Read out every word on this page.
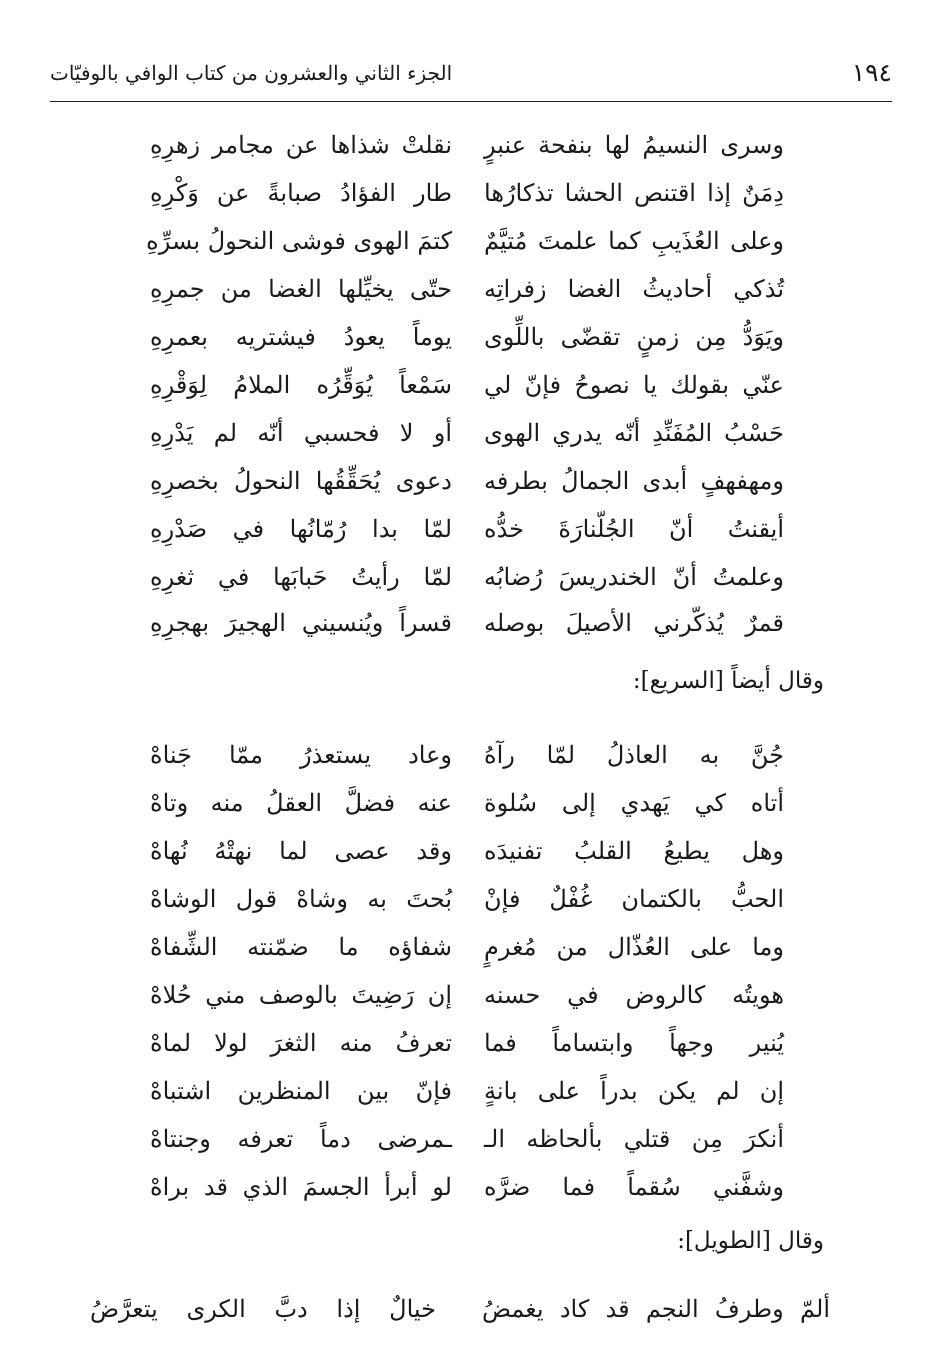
١٩٤
الجزء الثاني والعشرون من كتاب الوافي بالوفيّات
وسرى النسيمُ لها بنفحة عنبرٍ
نقلتْ شذاها عن مجامر زهرِهِ
دِمَنٌ إذا اقتنص الحشا تذكارُها
طار الفؤادُ صبابةً عن وَكْرِهِ
وعلى العُذَيبِ كما علمتَ مُتيَّمٌ
كتمَ الهوى فوشى النحولُ بسرِّهِ
تُذكي أحاديثُ الغضا زفراتِه
حتّى يخيِّلها الغضا من جمرِهِ
ويَوَدُّ مِن زمنٍ تقضّى باللِّوى
يوماً يعودُ فيشتريه بعمرِهِ
عنّي بقولك يا نصوحُ فإنّ لي
سَمْعاً يُوَقِّرُه الملامُ لِوَقْرِهِ
حَسْبُ المُفَنِّدِ أنّه يدري الهوى
أو لا فحسبي أنّه لم يَدْرِهِ
ومهفهفٍ أبدى الجمالُ بطرفه
دعوى يُحَقِّقُها النحولُ بخصرِهِ
أيقنتُ أنّ الجُلّنارَةَ خدُّه
لمّا بدا رُمّانُها في صَدْرِهِ
وعلمتُ أنّ الخندريسَ رُضابُه
لمّا رأيتُ حَبابَها في ثغرِهِ
قمرٌ يُذكّرني الأصيلَ بوصله
قسراً ويُنسيني الهجيرَ بهجرِهِ
وقال أيضاً [السريع]:
جُنَّ به العاذلُ لمّا رآهُ
وعاد يستعذرُ ممّا جَناهْ
أتاه كي يَهدي إلى سُلوة
عنه فضلَّ العقلُ منه وتاهْ
وهل يطيعُ القلبُ تفنيدَه
وقد عصى لما نهتْهُ نُهاهْ
الحبُّ بالكتمان غُفْلٌ فإنْ
بُحتَ به وشاهْ قول الوشاهْ
وما على العُذّال من مُغرمٍ
شفاؤه ما ضمّنته الشِّفاهْ
هويتُه كالروض في حسنه
إن رَضِيتَ بالوصف مني حُلاهْ
يُنير وجهاً وابتساماً فما
تعرفُ منه الثغرَ لولا لماهْ
إن لم يكن بدراً على بانةٍ
فإنّ بين المنظرين اشتباهْ
أنكرَ مِن قتلي بألحاظه الـ
ـمرضى دماً تعرفه وجنتاهْ
وشفَّني سُقماً فما ضرَّه
لو أبرأ الجسمَ الذي قد براهْ
وقال [الطويل]:
ألمّ وطرفُ النجم قد كاد يغمضُ
خيالٌ إذا دبَّ الكرى يتعرَّضُ
